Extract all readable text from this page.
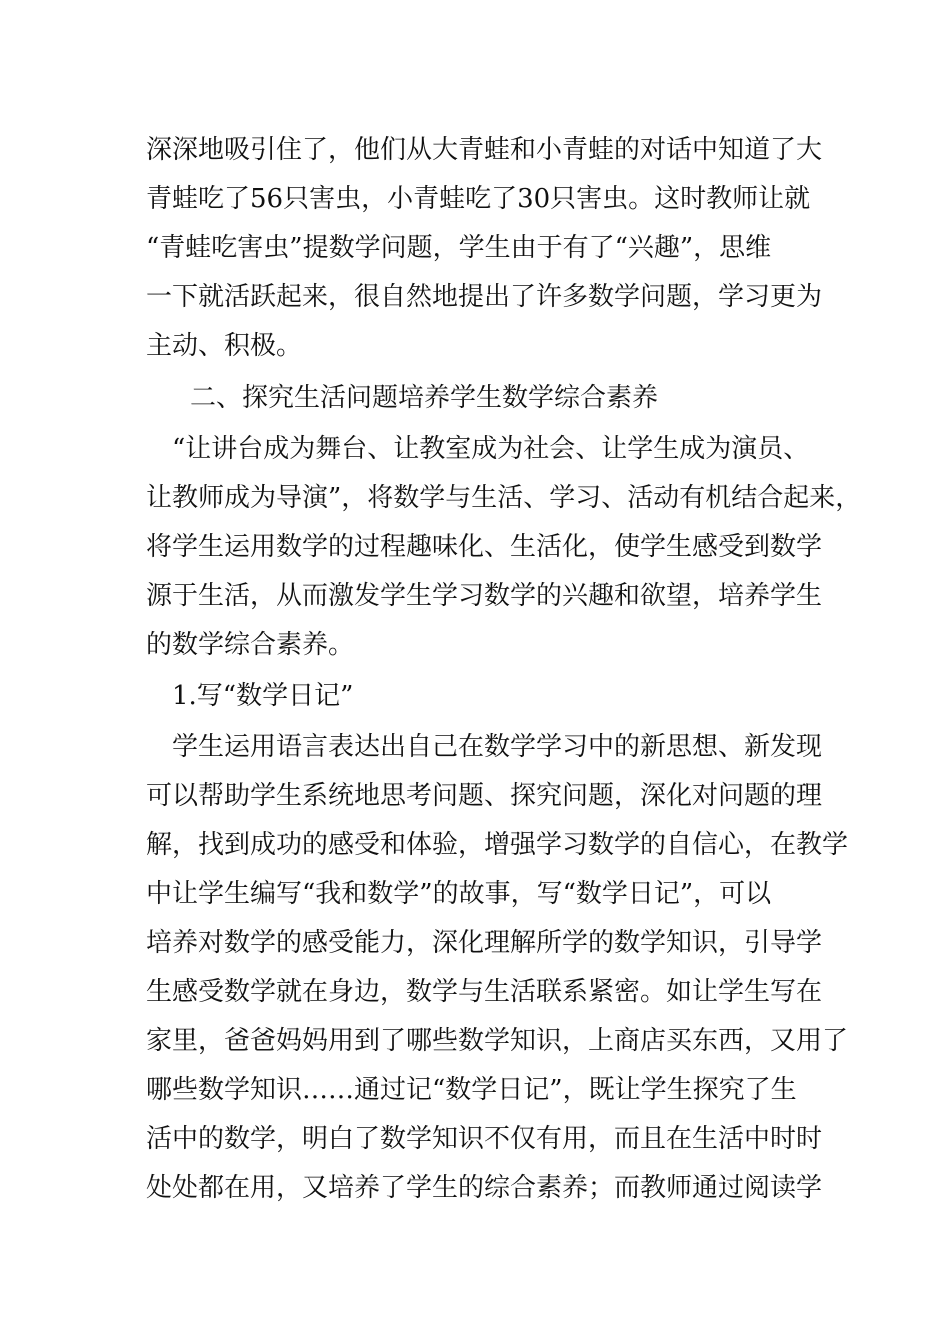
深深地吸引住了，他们从大青蛙和小青蛙的对话中知道了大
青蛙吃了56只害虫，小青蛙吃了30只害虫。这时教师让就
“青蛙吃害虫”提数学问题，学生由于有了“兴趣”，思维
一下就活跃起来，很自然地提出了许多数学问题，学习更为
主动、积极。
二、探究生活问题培养学生数学综合素养
“让讲台成为舞台、让教室成为社会、让学生成为演员、
让教师成为导演”，将数学与生活、学习、活动有机结合起来，
将学生运用数学的过程趣味化、生活化，使学生感受到数学
源于生活，从而激发学生学习数学的兴趣和欲望，培养学生
的数学综合素养。
1.写“数学日记”
学生运用语言表达出自己在数学学习中的新思想、新发现
可以帮助学生系统地思考问题、探究问题，深化对问题的理
解，找到成功的感受和体验，增强学习数学的自信心，在教学
中让学生编写“我和数学”的故事，写“数学日记”，可以
培养对数学的感受能力，深化理解所学的数学知识，引导学
生感受数学就在身边，数学与生活联系紧密。如让学生写在
家里，爸爸妈妈用到了哪些数学知识，上商店买东西，又用了
哪些数学知识……通过记“数学日记”，既让学生探究了生
活中的数学，明白了数学知识不仅有用，而且在生活中时时
处处都在用，又培养了学生的综合素养；而教师通过阅读学
